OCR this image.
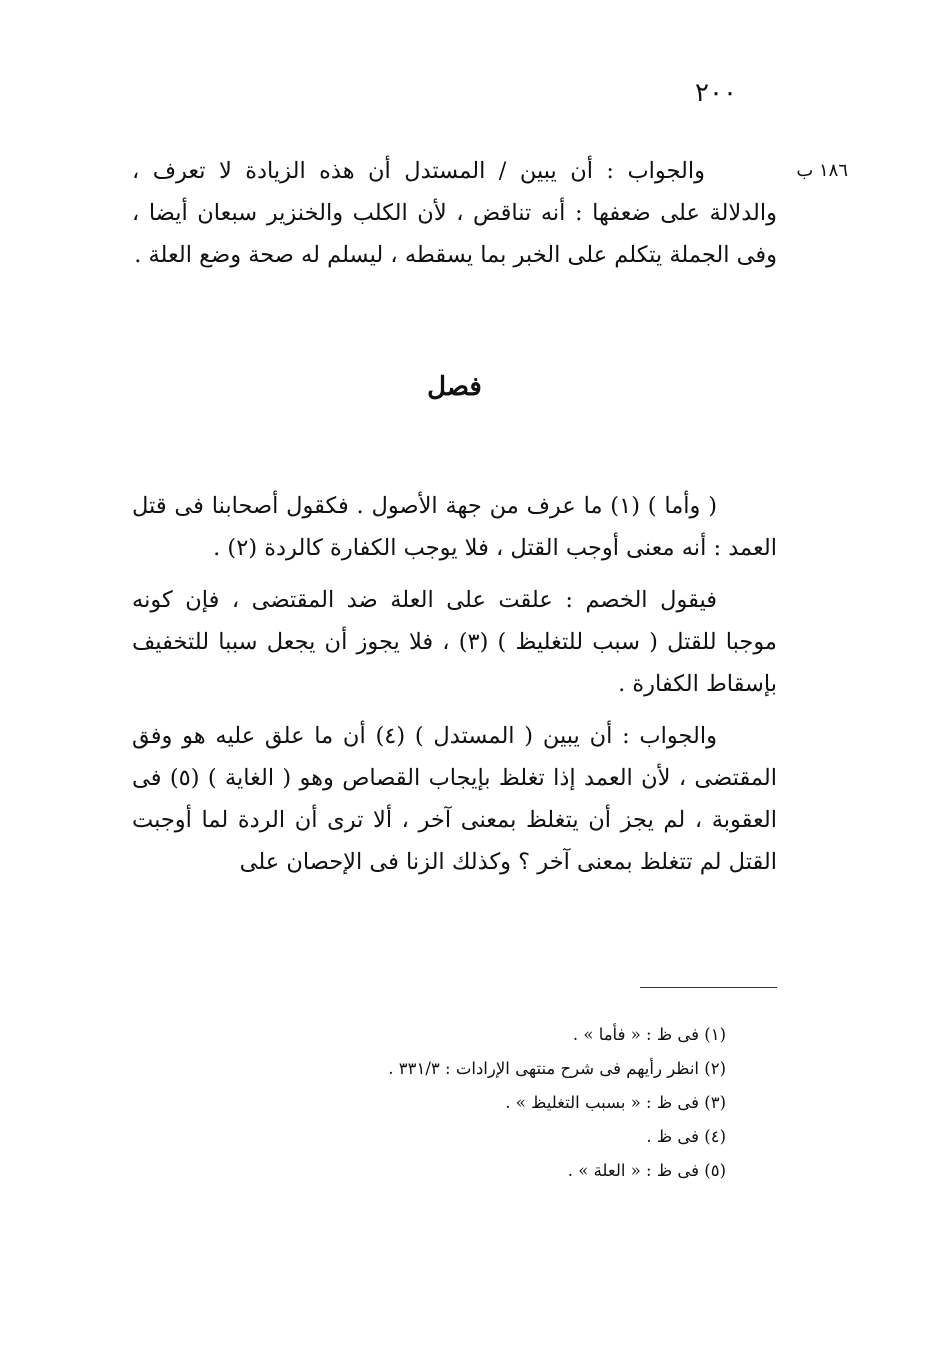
٢٠٠
١٨٦ ب

والجواب : أن يبين / المستدل أن هذه الزيادة لا تعرف ، والدلالة على ضعفها : أنه تناقض ، لأن الكلب والخنزير سبعان أيضا ، وفى الجملة يتكلم على الخبر بما يسقطه ، ليسلم له صحة وضع العلة .

فصل

( وأما ) (١) ما عرف من جهة الأصول . فكقول أصحابنا فى قتل العمد : أنه معنى أوجب القتل ، فلا يوجب الكفارة كالردة (٢) .

فيقول الخصم : علقت على العلة ضد المقتضى ، فإن كونه موجبا للقتل ( سبب للتغليظ ) (٣) ، فلا يجوز أن يجعل سببا للتخفيف بإسقاط الكفارة .

والجواب : أن يبين ( المستدل ) (٤) أن ما علق عليه هو وفق المقتضى ، لأن العمد إذا تغلظ بإيجاب القصاص وهو ( الغاية ) (٥) فى العقوبة ، لم يجز أن يتغلظ بمعنى آخر ، ألا ترى أن الردة لما أوجبت القتل لم تتغلظ بمعنى آخر ؟ وكذلك الزنا فى الإحصان على

(١) فى ظ : « فأما » .
(٢) انظر رأيهم فى شرح منتهى الإرادات : ٣٣١/٣ .
(٣) فى ظ : « بسبب التغليظ » .
(٤) فى ظ .
(٥) فى ظ : « العلة » .
